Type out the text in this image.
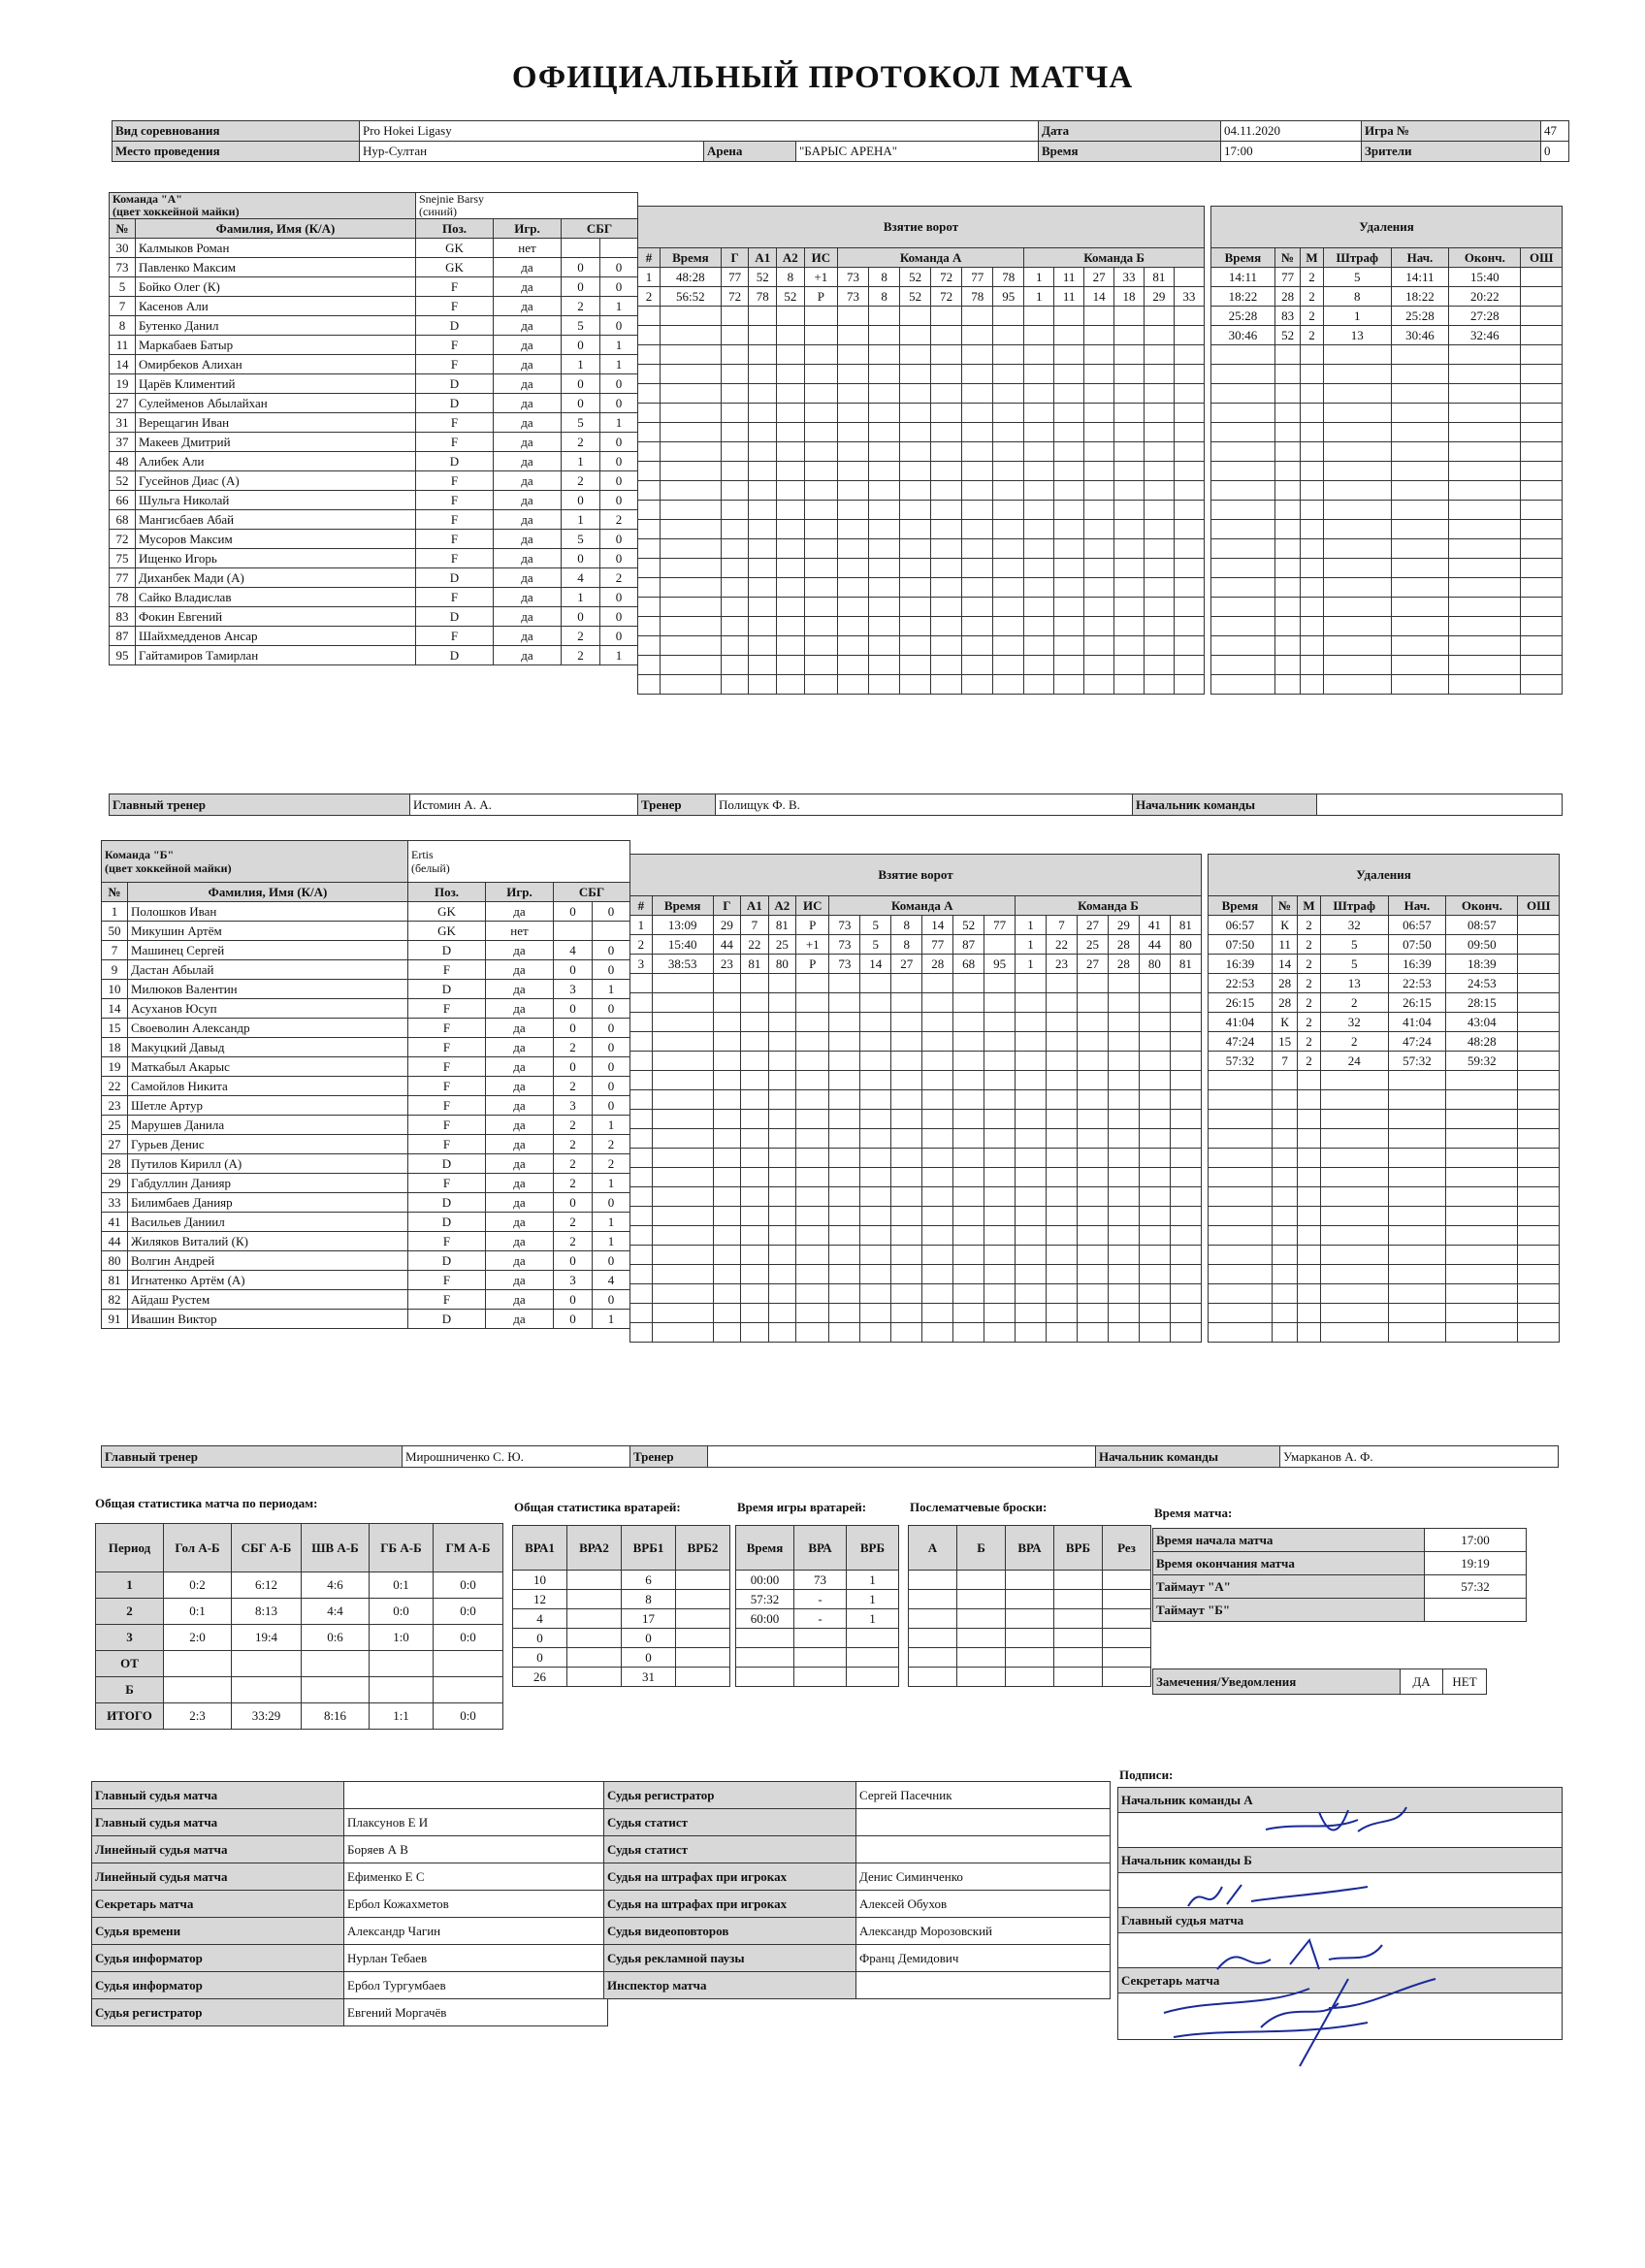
ОФИЦИАЛЬНЫЙ ПРОТОКОЛ МАТЧА
Вид соревнования	Pro Hokei Ligasy			Дата	04.11.2020	Игра №	47
Место проведения	Нур-Султан	Арена	"БАРЫС АРЕНА"	Время	17:00	Зрители	0
Команда "А"
(цвет хоккейной майки)		Snejnie Barsy
(синий)			
№	Фамилия, Имя (К/А)	Поз.	Игр.	СБГ	
30	Калмыков Роман	GK	нет		
73	Павленко Максим	GK	да	0	0
5	Бойко Олег (К)	F	да	0	0
7	Касенов Али	F	да	2	1
8	Бутенко Данил	D	да	5	0
11	Маркабаев Батыр	F	да	0	1
14	Омирбеков Алихан	F	да	1	1
19	Царёв Климентий	D	да	0	0
27	Сулейменов Абылайхан	D	да	0	0
31	Верещагин Иван	F	да	5	1
37	Макеев Дмитрий	F	да	2	0
48	Алибек Али	D	да	1	0
52	Гусейнов Диас (А)	F	да	2	0
66	Шульга Николай	F	да	0	0
68	Мангисбаев Абай	F	да	1	2
72	Мусоров Максим	F	да	5	0
75	Ищенко Игорь	F	да	0	0
77	Диханбек Мади (А)	D	да	4	2
78	Сайко Владислав	F	да	1	0
83	Фокин Евгений	D	да	0	0
87	Шайхмедденов Ансар	F	да	2	0
95	Гайтамиров Тамирлан	D	да	2	1
Взятие ворот																	
#	Время	Г	А1	А2	ИС	Команда А						Команда Б					
1	48:28	77	52	8	+1	73	8	52	72	77	78	1	11	27	33	81	
2	56:52	72	78	52	Р	73	8	52	72	78	95	1	11	14	18	29	33

Удаления						
Время	№	М	Штраф	Нач.	Оконч.	ОШ
14:11	77	2	5	14:11	15:40	
18:22	28	2	8	18:22	20:22	
25:28	83	2	1	25:28	27:28	
30:46	52	2	13	30:46	32:46	

Главный тренер	Истомин А. А.	Тренер	Полищук Ф. В.	Начальник команды	
Команда "Б"
(цвет хоккейной майки)		Ertis
(белый)			
№	Фамилия, Имя (К/А)	Поз.	Игр.	СБГ	
1	Полошков Иван	GK	да	0	0
50	Микушин Артём	GK	нет		
7	Машинец Сергей	D	да	4	0
9	Дастан Абылай	F	да	0	0
10	Милюков Валентин	D	да	3	1
14	Асуханов Юсуп	F	да	0	0
15	Своеволин Александр	F	да	0	0
18	Макуцкий Давыд	F	да	2	0
19	Маткабыл Акарыс	F	да	0	0
22	Самойлов Никита	F	да	2	0
23	Шетле Артур	F	да	3	0
25	Марушев Данила	F	да	2	1
27	Гурьев Денис	F	да	2	2
28	Путилов Кирилл (А)	D	да	2	2
29	Габдуллин Данияр	F	да	2	1
33	Билимбаев Данияр	D	да	0	0
41	Васильев Даниил	D	да	2	1
44	Жиляков Виталий (К)	F	да	2	1
80	Волгин Андрей	D	да	0	0
81	Игнатенко Артём (А)	F	да	3	4
82	Айдаш Рустем	F	да	0	0
91	Ивашин Виктор	D	да	0	1
Взятие ворот																	
#	Время	Г	А1	А2	ИС	Команда А						Команда Б					
1	13:09	29	7	81	Р	73	5	8	14	52	77	1	7	27	29	41	81
2	15:40	44	22	25	+1	73	5	8	77	87		1	22	25	28	44	80
3	38:53	23	81	80	Р	73	14	27	28	68	95	1	23	27	28	80	81

Удаления						
Время	№	М	Штраф	Нач.	Оконч.	ОШ
06:57	К	2	32	06:57	08:57	
07:50	11	2	5	07:50	09:50	
16:39	14	2	5	16:39	18:39	
22:53	28	2	13	22:53	24:53	
26:15	28	2	2	26:15	28:15	
41:04	К	2	32	41:04	43:04	
47:24	15	2	2	47:24	48:28	
57:32	7	2	24	57:32	59:32	

Главный тренер	Мирошниченко С. Ю.	Тренер		Начальник команды	Умарканов А. Ф.
Общая статистика матча по периодам:
Период	Гол А-Б	СБГ А-Б	ШВ А-Б	ГБ А-Б	ГМ А-Б
1	0:2	6:12	4:6	0:1	0:0
2	0:1	8:13	4:4	0:0	0:0
3	2:0	19:4	0:6	1:0	0:0
ОТ					
Б					
ИТОГО	2:3	33:29	8:16	1:1	0:0
Общая статистика вратарей:
ВРА1	ВРА2	ВРБ1	ВРБ2
10		6	
12		8	
4		17	
0		0	
0		0	
26		31	
Время игры вратарей:
Время	ВРА	ВРБ
00:00	73	1
57:32	-	1
60:00	-	1

Послематчевые броски:
А	Б	ВРА	ВРБ	Рез

Время матча:
Время начала матча	17:00
Время окончания матча	19:19
Таймаут "А"	57:32
Таймаут "Б"	
Замечения/Уведомления	ДА	НЕТ
Главный судья матча	
Главный судья матча	Плаксунов Е И
Линейный судья матча	Боряев А В
Линейный судья матча	Ефименко Е С
Секретарь матча	Ербол Кожахметов
Судья времени	Александр Чагин
Судья информатор	Нурлан Тебаев
Судья информатор	Ербол Тургумбаев
Судья регистратор	Евгений Моргачёв
Судья регистратор	Сергей Пасечник
Судья статист	
Судья статист	
Судья на штрафах при игроках	Денис Симинченко
Судья на штрафах при игроках	Алексей Обухов
Судья видеоповторов	Александр Морозовский
Судья рекламной паузы	Франц Демидович
Инспектор матча	
Подписи:
Начальник команды А

Начальник команды Б

Главный судья матча

Секретарь матча
